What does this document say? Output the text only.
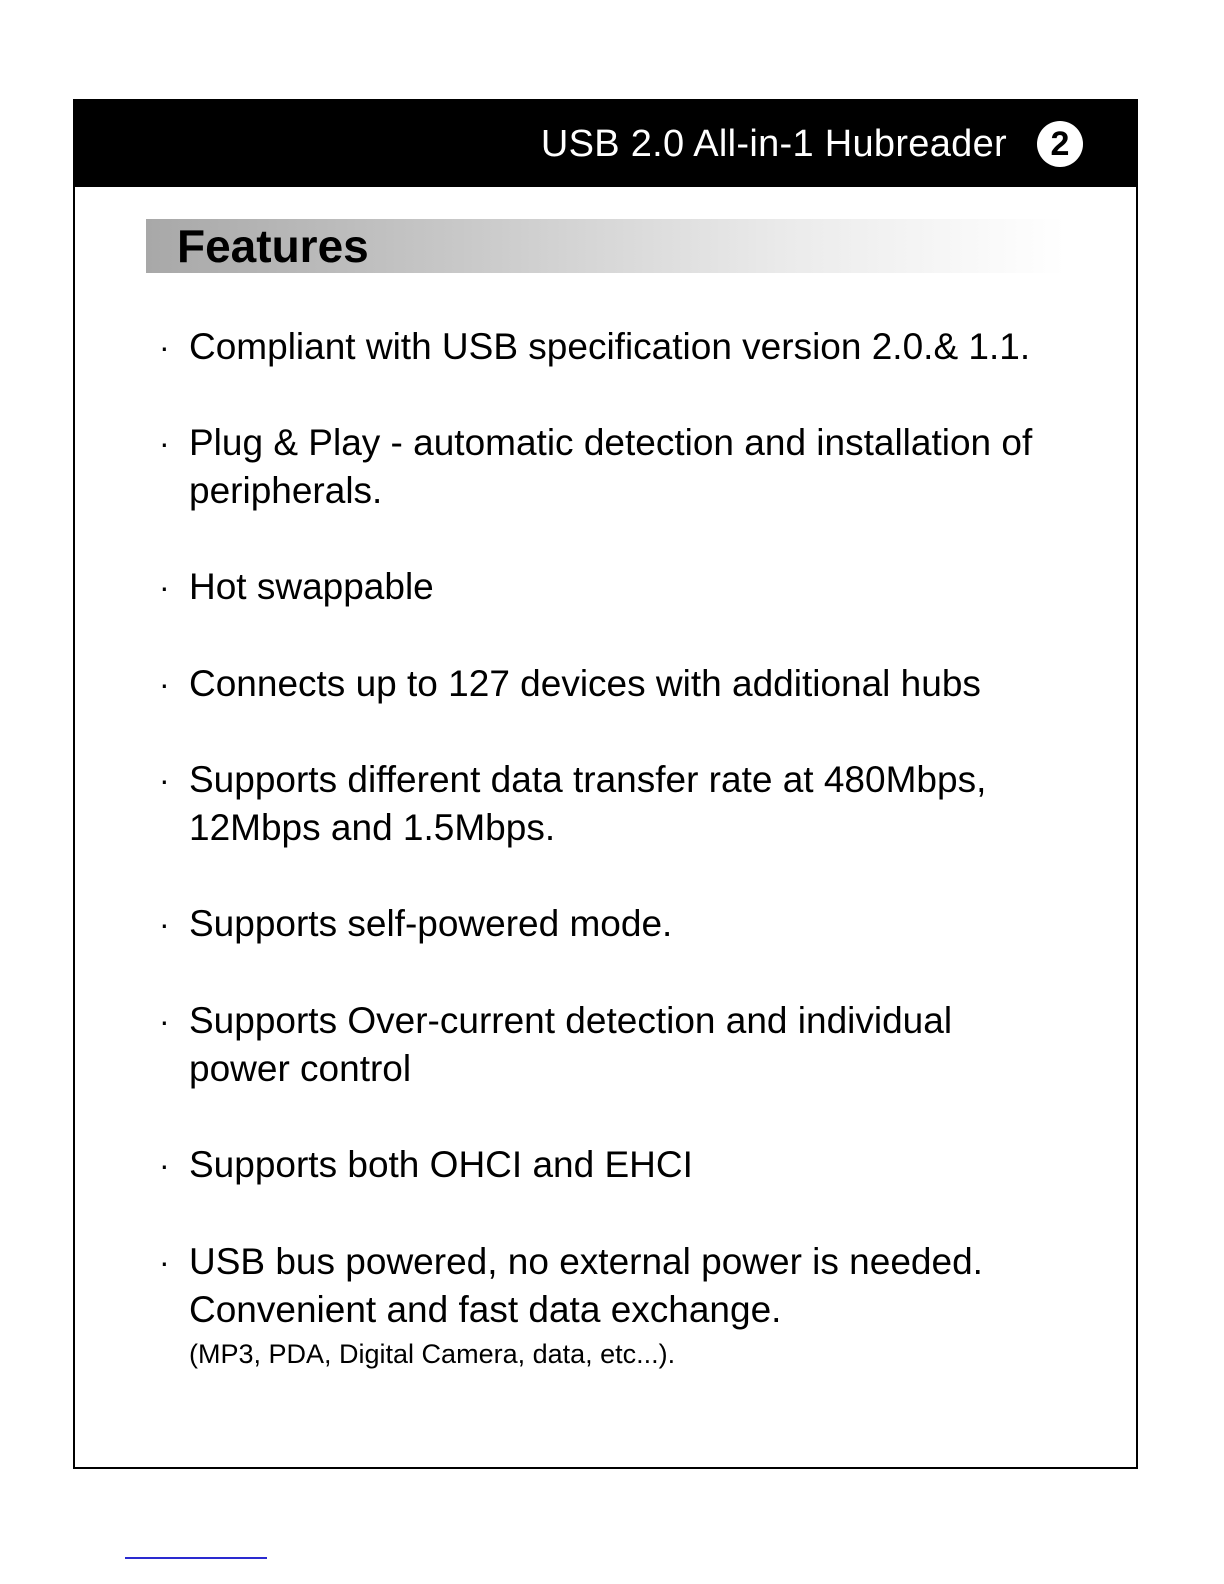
USB 2.0 All-in-1 Hubreader	2
Features
· Compliant with USB specification version 2.0.& 1.1.
· Plug & Play - automatic detection and installation of
peripherals.
· Hot swappable
· Connects up to 127 devices with additional hubs
· Supports different data transfer rate at 480Mbps,
12Mbps and 1.5Mbps.
· Supports self-powered mode.
· Supports Over-current detection and individual
power control
· Supports both OHCI and EHCI
· USB bus powered, no external power is needed.
Convenient and fast data exchange.
(MP3, PDA, Digital Camera, data, etc...).
